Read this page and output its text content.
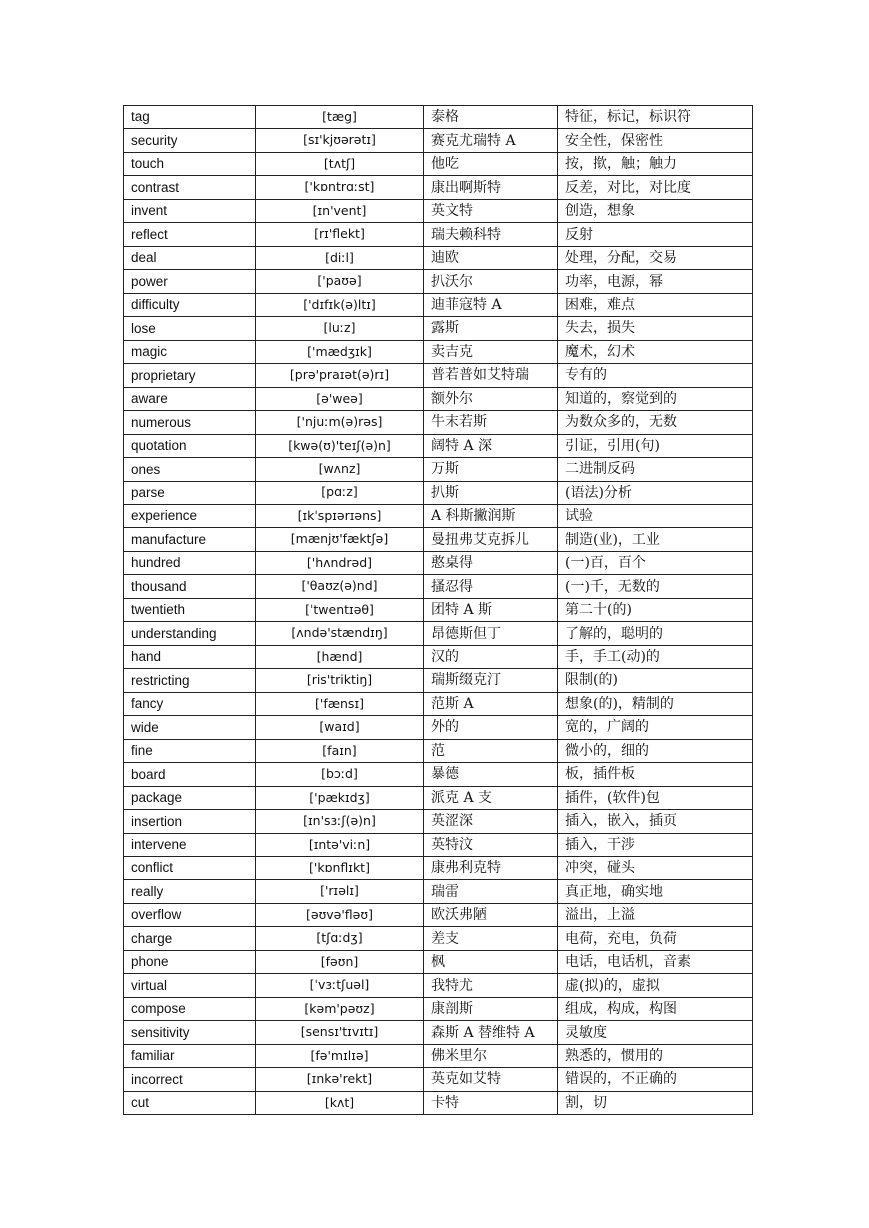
tag	[tæg]	泰格	特征，标记，标识符
security	[sɪ'kjʊərətɪ]	赛克尤瑞特 A	安全性，保密性
touch	[tʌtʃ]	他吃	按，揿，触；触力
contrast	['kɒntrɑːst]	康出啊斯特	反差，对比，对比度
invent	[ɪn'vent]	英文特	创造，想象
reflect	[rɪ'flekt]	瑞夫赖科特	反射
deal	[diːl]	迪欧	处理，分配，交易
power	['paʊə]	扒沃尔	功率，电源，幂
difficulty	['dɪfɪk(ə)ltɪ]	迪菲寇特 A	困难，难点
lose	[luːz]	露斯	失去，损失
magic	['mædʒɪk]	卖吉克	魔术，幻术
proprietary	[prə'praɪət(ə)rɪ]	普若普如艾特瑞	专有的
aware	[ə'weə]	额外尔	知道的，察觉到的
numerous	['njuːm(ə)rəs]	牛末若斯	为数众多的，无数
quotation	[kwə(ʊ)'teɪʃ(ə)n]	阔特 A 深	引证，引用(句)
ones	[wʌnz]	万斯	二进制反码
parse	[pɑːz]	扒斯	(语法)分析
experience	[ɪkˈspɪərɪəns]	A 科斯撇润斯	试验
manufacture	[mænjʊ'fæktʃə]	曼扭弗艾克拆儿	制造(业)，工业
hundred	['hʌndrəd]	憨桌得	(一)百，百个
thousand	['θaʊz(ə)nd]	搔忍得	(一)千，无数的
twentieth	[ˈtwentɪəθ]	团特 A 斯	第二十(的)
understanding	[ʌndə'stændɪŋ]	昂德斯但丁	了解的，聪明的
hand	[hænd]	汉的	手，手工(动)的
restricting	[ris'triktiŋ]	瑞斯缀克汀	限制(的)
fancy	['fænsɪ]	范斯 A	想象(的)，精制的
wide	[waɪd]	外的	宽的，广阔的
fine	[faɪn]	范	微小的，细的
board	[bɔːd]	暴德	板，插件板
package	['pækɪdʒ]	派克 A 支	插件，(软件)包
insertion	[ɪn'sɜːʃ(ə)n]	英涩深	插入，嵌入，插页
intervene	[ɪntə'viːn]	英特汶	插入，干涉
conflict	['kɒnflɪkt]	康弗利克特	冲突，碰头
really	['rɪəlɪ]	瑞雷	真正地，确实地
overflow	[əʊvə'fləʊ]	欧沃弗陋	溢出，上溢
charge	[tʃɑːdʒ]	差支	电荷，充电，负荷
phone	[fəʊn]	枫	电话，电话机，音素
virtual	[ˈvɜːtʃuəl]	我特尤	虚(拟)的，虚拟
compose	[kəm'pəʊz]	康剖斯	组成，构成，构图
sensitivity	[sensɪ'tɪvɪtɪ]	森斯 A 替维特 A	灵敏度
familiar	[fə'mɪlɪə]	佛米里尔	熟悉的，惯用的
incorrect	[ɪnkə'rekt]	英克如艾特	错误的，不正确的
cut	[kʌt]	卡特	割，切
